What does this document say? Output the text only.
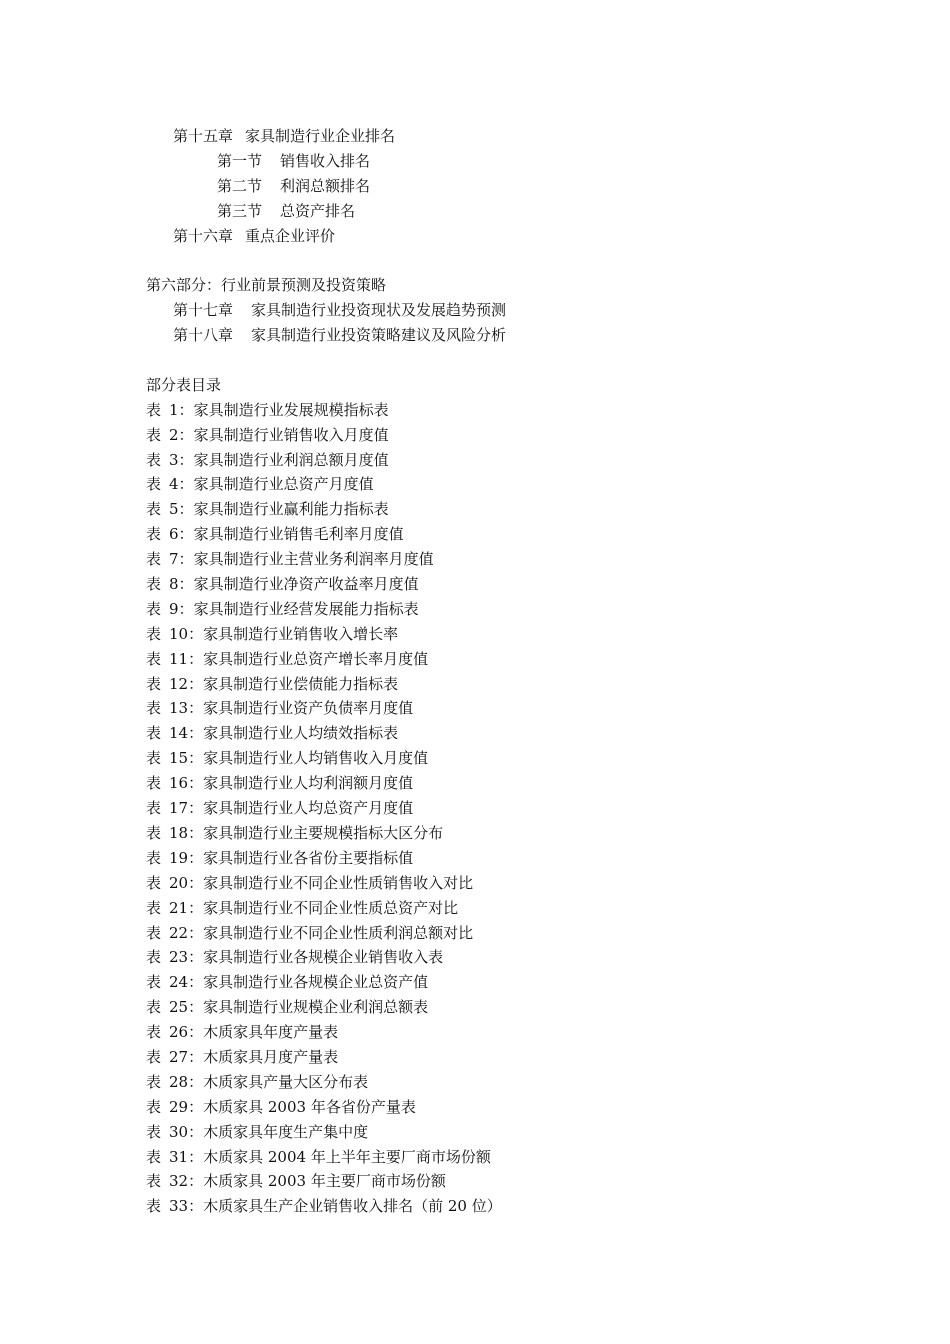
第十五章 家具制造行业企业排名
第一节 销售收入排名
第二节 利润总额排名
第三节 总资产排名
第十六章 重点企业评价
第六部分：行业前景预测及投资策略
第十七章 家具制造行业投资现状及发展趋势预测
第十八章 家具制造行业投资策略建议及风险分析
部分表目录
表 1：家具制造行业发展规模指标表
表 2：家具制造行业销售收入月度值
表 3：家具制造行业利润总额月度值
表 4：家具制造行业总资产月度值
表 5：家具制造行业赢利能力指标表
表 6：家具制造行业销售毛利率月度值
表 7：家具制造行业主营业务利润率月度值
表 8：家具制造行业净资产收益率月度值
表 9：家具制造行业经营发展能力指标表
表 10：家具制造行业销售收入增长率
表 11：家具制造行业总资产增长率月度值
表 12：家具制造行业偿债能力指标表
表 13：家具制造行业资产负债率月度值
表 14：家具制造行业人均绩效指标表
表 15：家具制造行业人均销售收入月度值
表 16：家具制造行业人均利润额月度值
表 17：家具制造行业人均总资产月度值
表 18：家具制造行业主要规模指标大区分布
表 19：家具制造行业各省份主要指标值
表 20：家具制造行业不同企业性质销售收入对比
表 21：家具制造行业不同企业性质总资产对比
表 22：家具制造行业不同企业性质利润总额对比
表 23：家具制造行业各规模企业销售收入表
表 24：家具制造行业各规模企业总资产值
表 25：家具制造行业规模企业利润总额表
表 26：木质家具年度产量表
表 27：木质家具月度产量表
表 28：木质家具产量大区分布表
表 29：木质家具 2003 年各省份产量表
表 30：木质家具年度生产集中度
表 31：木质家具 2004 年上半年主要厂商市场份额
表 32：木质家具 2003 年主要厂商市场份额
表 33：木质家具生产企业销售收入排名（前 20 位）
